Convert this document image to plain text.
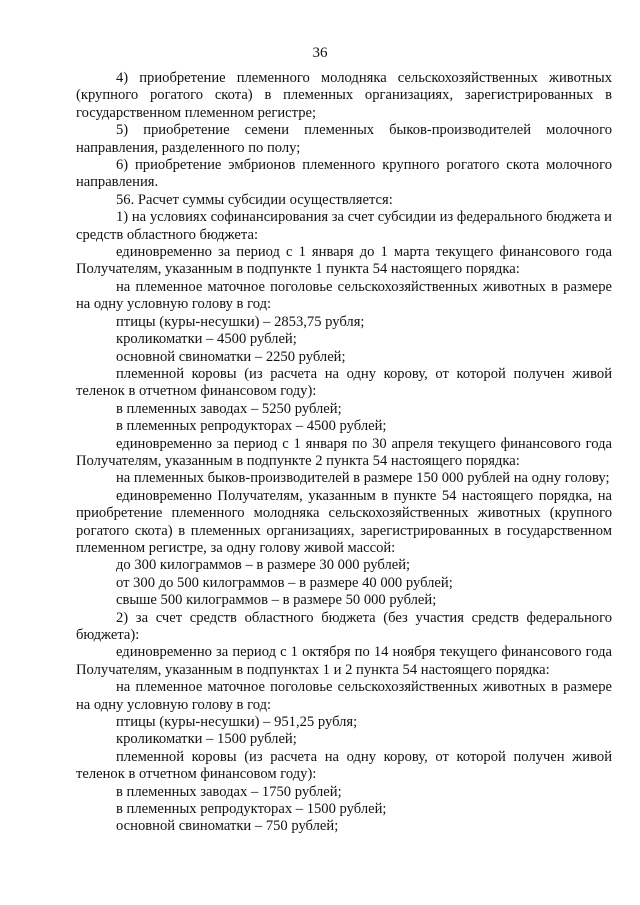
36

4) приобретение племенного молодняка сельскохозяйственных животных (крупного рогатого скота) в племенных организациях, зарегистрированных в государственном племенном регистре;

5) приобретение семени племенных быков-производителей молочного направления, разделенного по полу;

6) приобретение эмбрионов племенного крупного рогатого скота молочного направления.

56. Расчет суммы субсидии осуществляется:

1) на условиях софинансирования за счет субсидии из федерального бюджета и средств областного бюджета:

единовременно за период с 1 января до 1 марта текущего финансового года Получателям, указанным в подпункте 1 пункта 54 настоящего порядка:

на племенное маточное поголовье сельскохозяйственных животных в размере на одну условную голову в год:

птицы (куры-несушки) – 2853,75 рубля;

кроликоматки – 4500 рублей;

основной свиноматки – 2250 рублей;

племенной коровы (из расчета на одну корову, от которой получен живой теленок в отчетном финансовом году):

в племенных заводах – 5250 рублей;

в племенных репродукторах – 4500 рублей;

единовременно за период с 1 января по 30 апреля текущего финансового года Получателям, указанным в подпункте 2 пункта 54 настоящего порядка:

на племенных быков-производителей в размере 150 000 рублей на одну голову;

единовременно Получателям, указанным в пункте 54 настоящего порядка, на приобретение племенного молодняка сельскохозяйственных животных (крупного рогатого скота) в племенных организациях, зарегистрированных в государственном племенном регистре, за одну голову живой массой:

до 300 килограммов – в размере 30 000 рублей;

от 300 до 500 килограммов – в размере 40 000 рублей;

свыше 500 килограммов – в размере 50 000 рублей;

2) за счет средств областного бюджета (без участия средств федерального бюджета):

единовременно за период с 1 октября по 14 ноября текущего финансового года Получателям, указанным в подпунктах 1 и 2 пункта 54 настоящего порядка:

на племенное маточное поголовье сельскохозяйственных животных в размере на одну условную голову в год:

птицы (куры-несушки) – 951,25 рубля;

кроликоматки – 1500 рублей;

племенной коровы (из расчета на одну корову, от которой получен живой теленок в отчетном финансовом году):

в племенных заводах – 1750 рублей;

в племенных репродукторах – 1500 рублей;

основной свиноматки – 750 рублей;
